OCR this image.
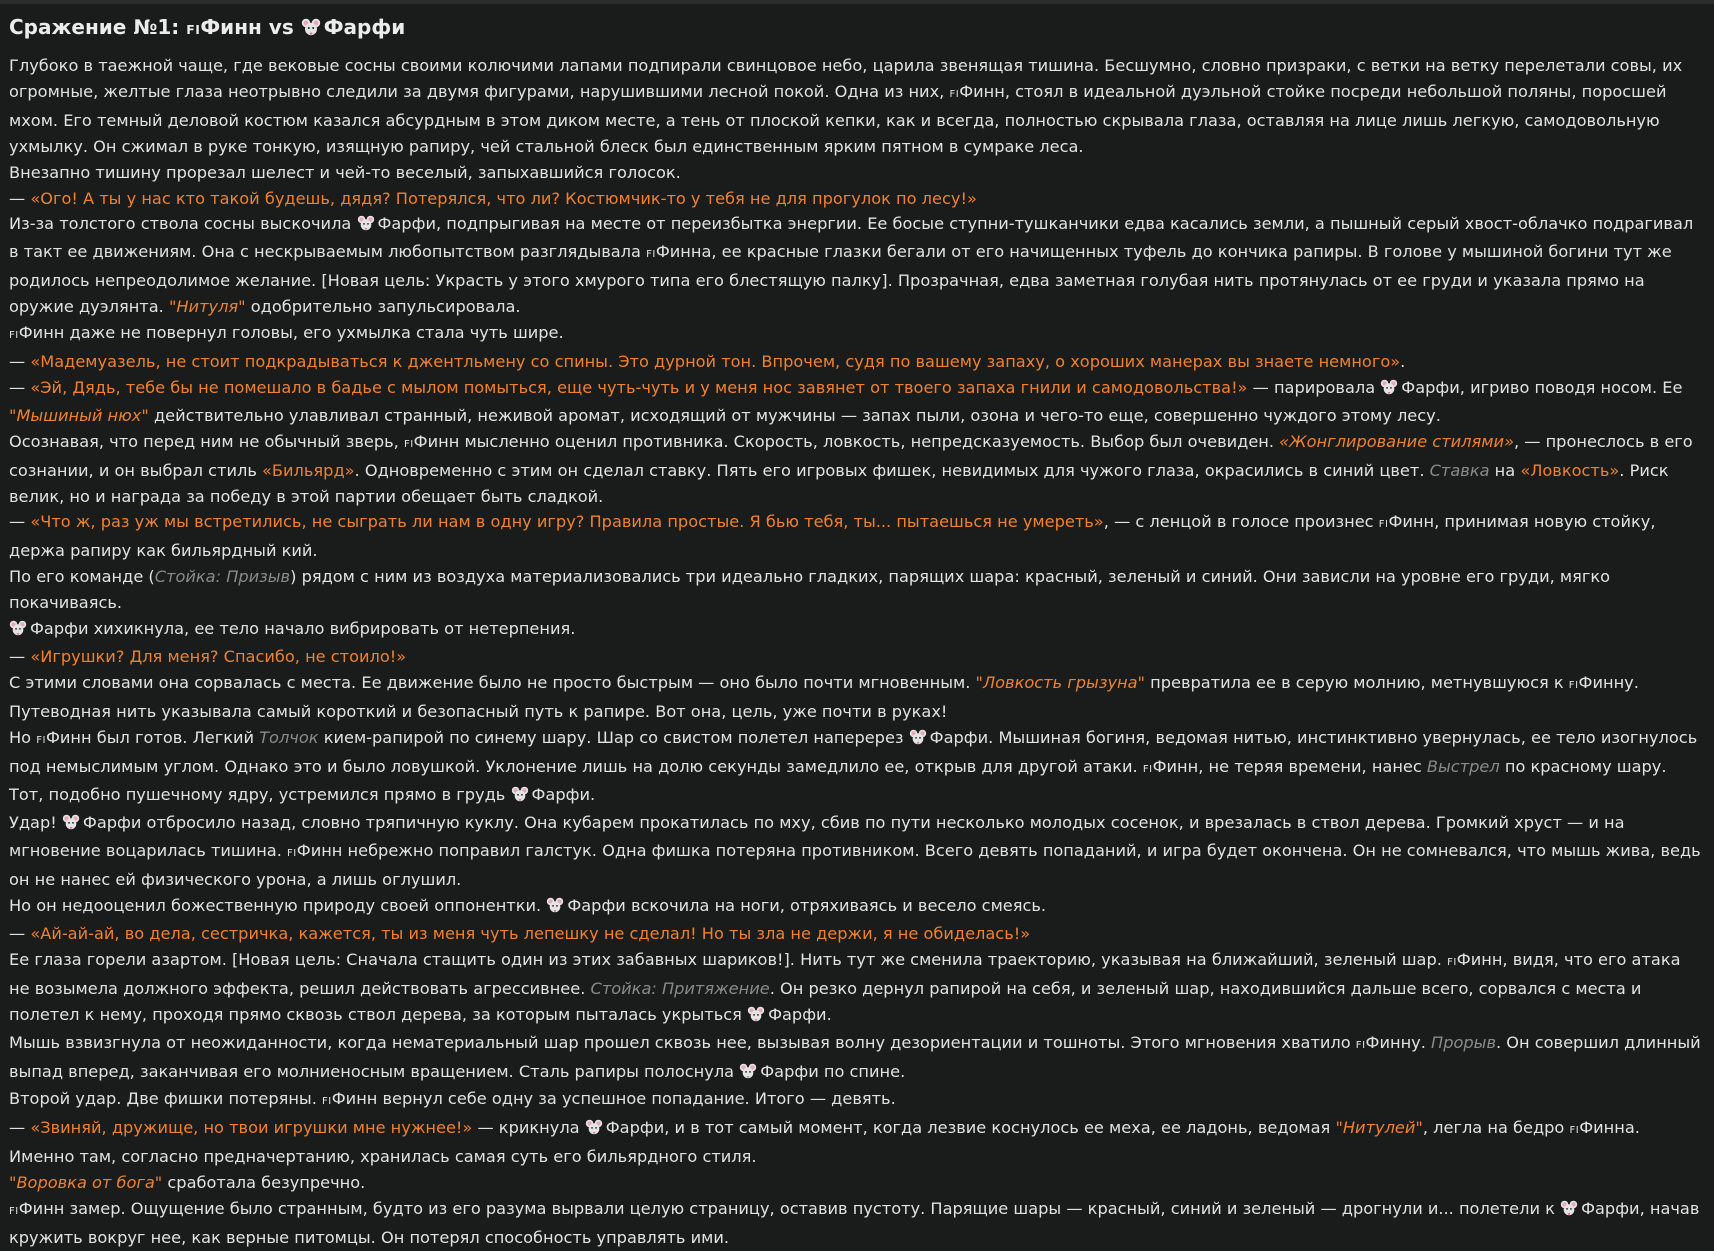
Сражение №1: FIФинн vs Фарфи
Глубоко в таежной чаще, где вековые сосны своими колючими лапами подпирали свинцовое небо, царила звенящая тишина. Бесшумно, словно призраки, с ветки на ветку перелетали совы, их огромные, желтые глаза неотрывно следили за двумя фигурами, нарушившими лесной покой. Одна из них, FIФинн, стоял в идеальной дуэльной стойке посреди небольшой поляны, поросшей мхом. Его темный деловой костюм казался абсурдным в этом диком месте, а тень от плоской кепки, как и всегда, полностью скрывала глаза, оставляя на лице лишь легкую, самодовольную ухмылку. Он сжимал в руке тонкую, изящную рапиру, чей стальной блеск был единственным ярким пятном в сумраке леса.
Внезапно тишину прорезал шелест и чей-то веселый, запыхавшийся голосок.
— «Ого! А ты у нас кто такой будешь, дядя? Потерялся, что ли? Костюмчик-то у тебя не для прогулок по лесу!»
Из-за толстого ствола сосны выскочила Фарфи, подпрыгивая на месте от переизбытка энергии. Ее босые ступни-тушканчики едва касались земли, а пышный серый хвост-облачко подрагивал в такт ее движениям. Она с нескрываемым любопытством разглядывала FIФинна, ее красные глазки бегали от его начищенных туфель до кончика рапиры. В голове у мышиной богини тут же родилось непреодолимое желание. [Новая цель: Украсть у этого хмурого типа его блестящую палку]. Прозрачная, едва заметная голубая нить протянулась от ее груди и указала прямо на оружие дуэлянта. "Нитуля" одобрительно запульсировала.
FIФинн даже не повернул головы, его ухмылка стала чуть шире.
— «Мадемуазель, не стоит подкрадываться к джентльмену со спины. Это дурной тон. Впрочем, судя по вашему запаху, о хороших манерах вы знаете немного».
— «Эй, Дядь, тебе бы не помешало в бадье с мылом помыться, еще чуть-чуть и у меня нос завянет от твоего запаха гнили и самодовольства!» — парировала Фарфи, игриво поводя носом. Ее "Мышиный нюх" действительно улавливал странный, неживой аромат, исходящий от мужчины — запах пыли, озона и чего-то еще, совершенно чуждого этому лесу.
Осознавая, что перед ним не обычный зверь, FIФинн мысленно оценил противника. Скорость, ловкость, непредсказуемость. Выбор был очевиден. «Жонглирование стилями», — пронеслось в его сознании, и он выбрал стиль «Бильярд». Одновременно с этим он сделал ставку. Пять его игровых фишек, невидимых для чужого глаза, окрасились в синий цвет. Ставка на «Ловкость». Риск велик, но и награда за победу в этой партии обещает быть сладкой.
— «Что ж, раз уж мы встретились, не сыграть ли нам в одну игру? Правила простые. Я бью тебя, ты... пытаешься не умереть», — с ленцой в голосе произнес FIФинн, принимая новую стойку, держа рапиру как бильярдный кий.
По его команде (Стойка: Призыв) рядом с ним из воздуха материализовались три идеально гладких, парящих шара: красный, зеленый и синий. Они зависли на уровне его груди, мягко покачиваясь.
Фарфи хихикнула, ее тело начало вибрировать от нетерпения.
— «Игрушки? Для меня? Спасибо, не стоило!»
С этими словами она сорвалась с места. Ее движение было не просто быстрым — оно было почти мгновенным. "Ловкость грызуна" превратила ее в серую молнию, метнувшуюся к FIФинну.
Путеводная нить указывала самый короткий и безопасный путь к рапире. Вот она, цель, уже почти в руках!
Но FIФинн был готов. Легкий Толчок кием-рапирой по синему шару. Шар со свистом полетел наперерез Фарфи. Мышиная богиня, ведомая нитью, инстинктивно увернулась, ее тело изогнулось под немыслимым углом. Однако это и было ловушкой. Уклонение лишь на долю секунды замедлило ее, открыв для другой атаки. FIФинн, не теряя времени, нанес Выстрел по красному шару. Тот, подобно пушечному ядру, устремился прямо в грудь Фарфи.
Удар! Фарфи отбросило назад, словно тряпичную куклу. Она кубарем прокатилась по мху, сбив по пути несколько молодых сосенок, и врезалась в ствол дерева. Громкий хруст — и на мгновение воцарилась тишина. FIФинн небрежно поправил галстук. Одна фишка потеряна противником. Всего девять попаданий, и игра будет окончена. Он не сомневался, что мышь жива, ведь он не нанес ей физического урона, а лишь оглушил.
Но он недооценил божественную природу своей оппонентки. Фарфи вскочила на ноги, отряхиваясь и весело смеясь.
— «Ай-ай-ай, во дела, сестричка, кажется, ты из меня чуть лепешку не сделал! Но ты зла не держи, я не обиделась!»
Ее глаза горели азартом. [Новая цель: Сначала стащить один из этих забавных шариков!]. Нить тут же сменила траекторию, указывая на ближайший, зеленый шар. FIФинн, видя, что его атака не возымела должного эффекта, решил действовать агрессивнее. Стойка: Притяжение. Он резко дернул рапирой на себя, и зеленый шар, находившийся дальше всего, сорвался с места и полетел к нему, проходя прямо сквозь ствол дерева, за которым пыталась укрыться Фарфи.
Мышь взвизгнула от неожиданности, когда нематериальный шар прошел сквозь нее, вызывая волну дезориентации и тошноты. Этого мгновения хватило FIФинну. Прорыв. Он совершил длинный выпад вперед, заканчивая его молниеносным вращением. Сталь рапиры полоснула Фарфи по спине.
Второй удар. Две фишки потеряны. FIФинн вернул себе одну за успешное попадание. Итого — девять.
— «Звиняй, дружище, но твои игрушки мне нужнее!» — крикнула Фарфи, и в тот самый момент, когда лезвие коснулось ее меха, ее ладонь, ведомая "Нитулей", легла на бедро FIФинна. Именно там, согласно предначертанию, хранилась самая суть его бильярдного стиля.
"Воровка от бога" сработала безупречно.
FIФинн замер. Ощущение было странным, будто из его разума вырвали целую страницу, оставив пустоту. Парящие шары — красный, синий и зеленый — дрогнули и... полетели к Фарфи, начав кружить вокруг нее, как верные питомцы. Он потерял способность управлять ими.
